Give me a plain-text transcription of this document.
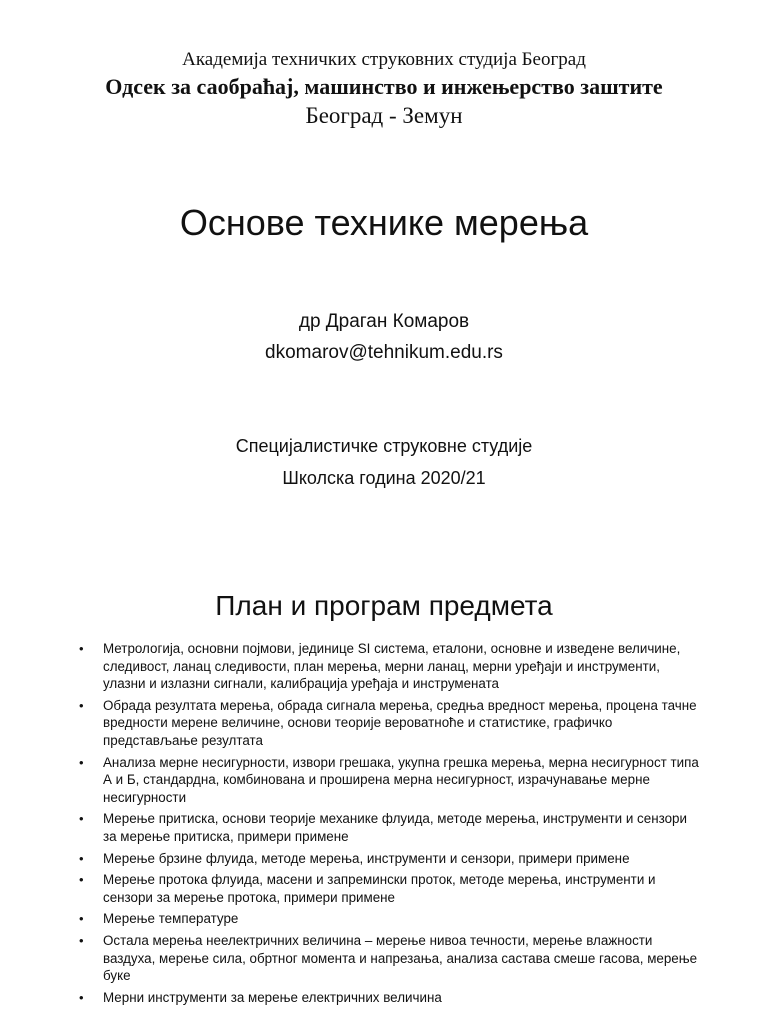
Академија техничких струковних студија Београд
Одсек за саобраћај, машинство и инжењерство заштите
Београд - Земун
Основе технике мерења
др Драган Комаров
dkomarov@tehnikum.edu.rs
Специјалистичке струковне студије
Школска година 2020/21
План и програм предмета
• Метрологија, основни појмови, јединице SI система, еталони, основне и изведене величине, следивост, ланац следивости, план мерења, мерни ланац, мерни уређаји и инструменти, улазни и излазни сигнали, калибрација уређаја и инструмената
• Обрада резултата мерења, обрада сигнала мерења, средња вредност мерења, процена тачне вредности мерене величине, основи теорије вероватноће и статистике, графичко представљање резултата
• Анализа мерне несигурности, извори грешака, укупна грешка мерења, мерна несигурност типа А и Б, стандардна, комбинована и проширена мерна несигурност, израчунавање мерне несигурности
• Мерење притиска, основи теорије механике флуида, методе мерења, инструменти и сензори за мерење притиска, примери примене
• Мерење брзине флуида, методе мерења, инструменти и сензори, примери примене
• Мерење протока флуида, масени и запремински проток, методе мерења, инструменти и сензори за мерење протока, примери примене
• Мерење температуре
• Остала мерења неелектричних величина – мерење нивоа течности, мерење влажности ваздуха, мерење сила, обртног момента и напрезања, анализа састава смеше гасова, мерење буке
• Мерни инструменти за мерење електричних величина
